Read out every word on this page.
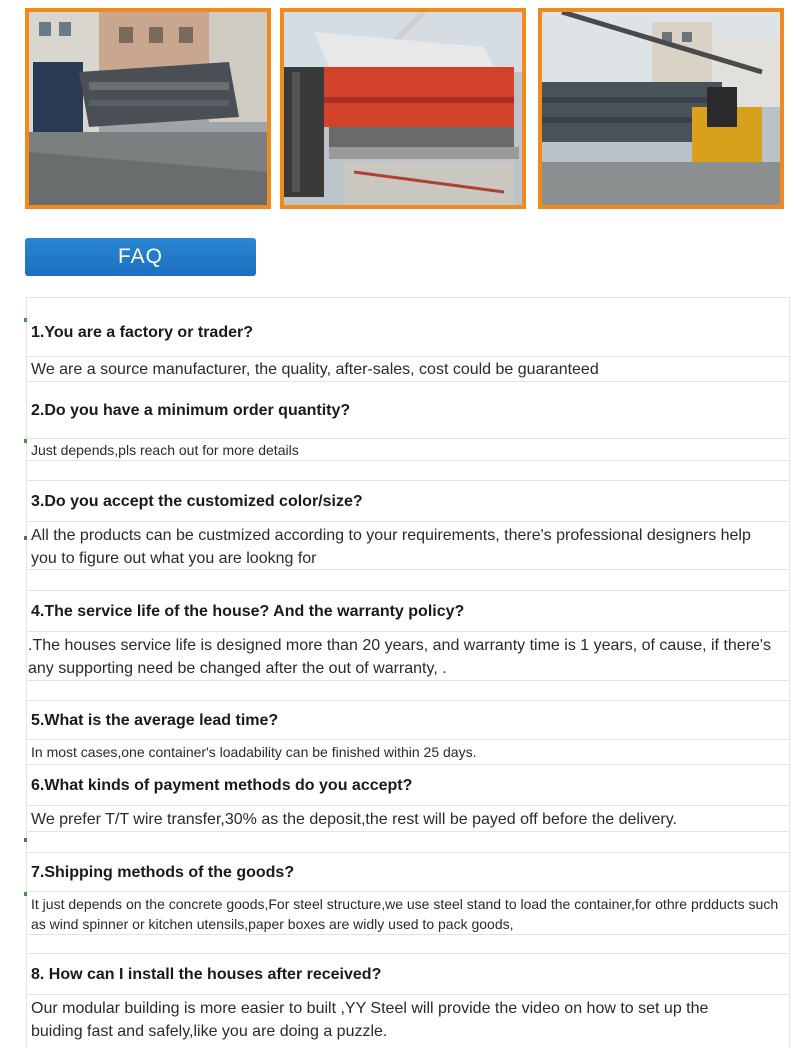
FAQ
1.You are a factory or trader?
We are a source manufacturer, the quality, after-sales, cost could be guaranteed
2.Do you have a minimum order quantity?
Just depends,pls reach out for more details
3.Do you accept the customized color/size?
All the products can be custmized according to your requirements, there's professional designers help you to figure out what you are lookng for
4.The service life of the house? And the warranty policy?
.The houses service life is designed more than 20 years, and warranty time is 1 years, of cause, if there's any supporting need be changed after the out of warranty, .
5.What is the average lead time?
In most cases,one container's loadability can be finished within 25 days.
6.What kinds of payment methods do you accept?
We prefer T/T wire transfer,30% as the deposit,the rest will be payed off before the delivery.
7.Shipping methods of the goods?
It just depends on the concrete goods,For steel structure,we use steel stand to load the container,for othre prdducts such as wind spinner or kitchen utensils,paper boxes are widly used to pack goods,
8. How can I install the houses after received?
Our modular building is more easier to built ,YY Steel will provide the video on how to set up the buiding fast and safely,like you are doing a puzzle.
